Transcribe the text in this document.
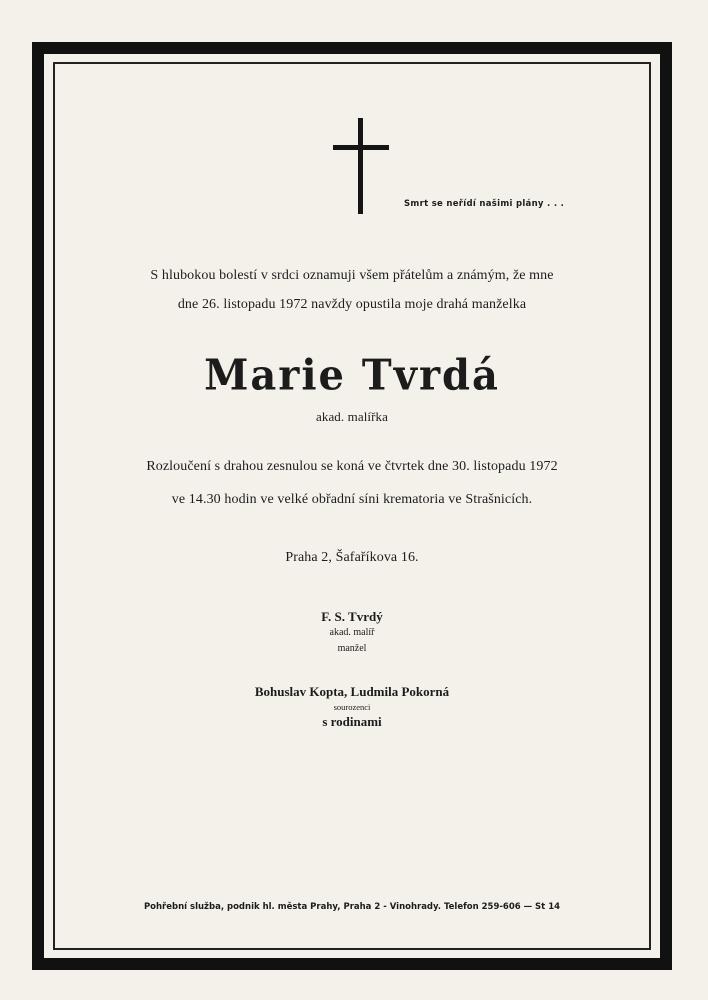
Smrt se neřídí našimi plány . . .
S hlubokou bolestí v srdci oznamuji všem přátelům a známým, že mne
dne 26. listopadu 1972 navždy opustila moje drahá manželka
Marie Tvrdá
akad. malířka
Rozloučení s drahou zesnulou se koná ve čtvrtek dne 30. listopadu 1972
ve 14.30 hodin ve velké obřadní síni krematoria ve Strašnicích.
Praha 2, Šafaříkova 16.
F. S. Tvrdý
akad. malíř
manžel
Bohuslav Kopta, Ludmila Pokorná
sourozenci
s rodinami
Pohřební služba, podnik hl. města Prahy, Praha 2 - Vinohrady. Telefon 259-606 — St 14
